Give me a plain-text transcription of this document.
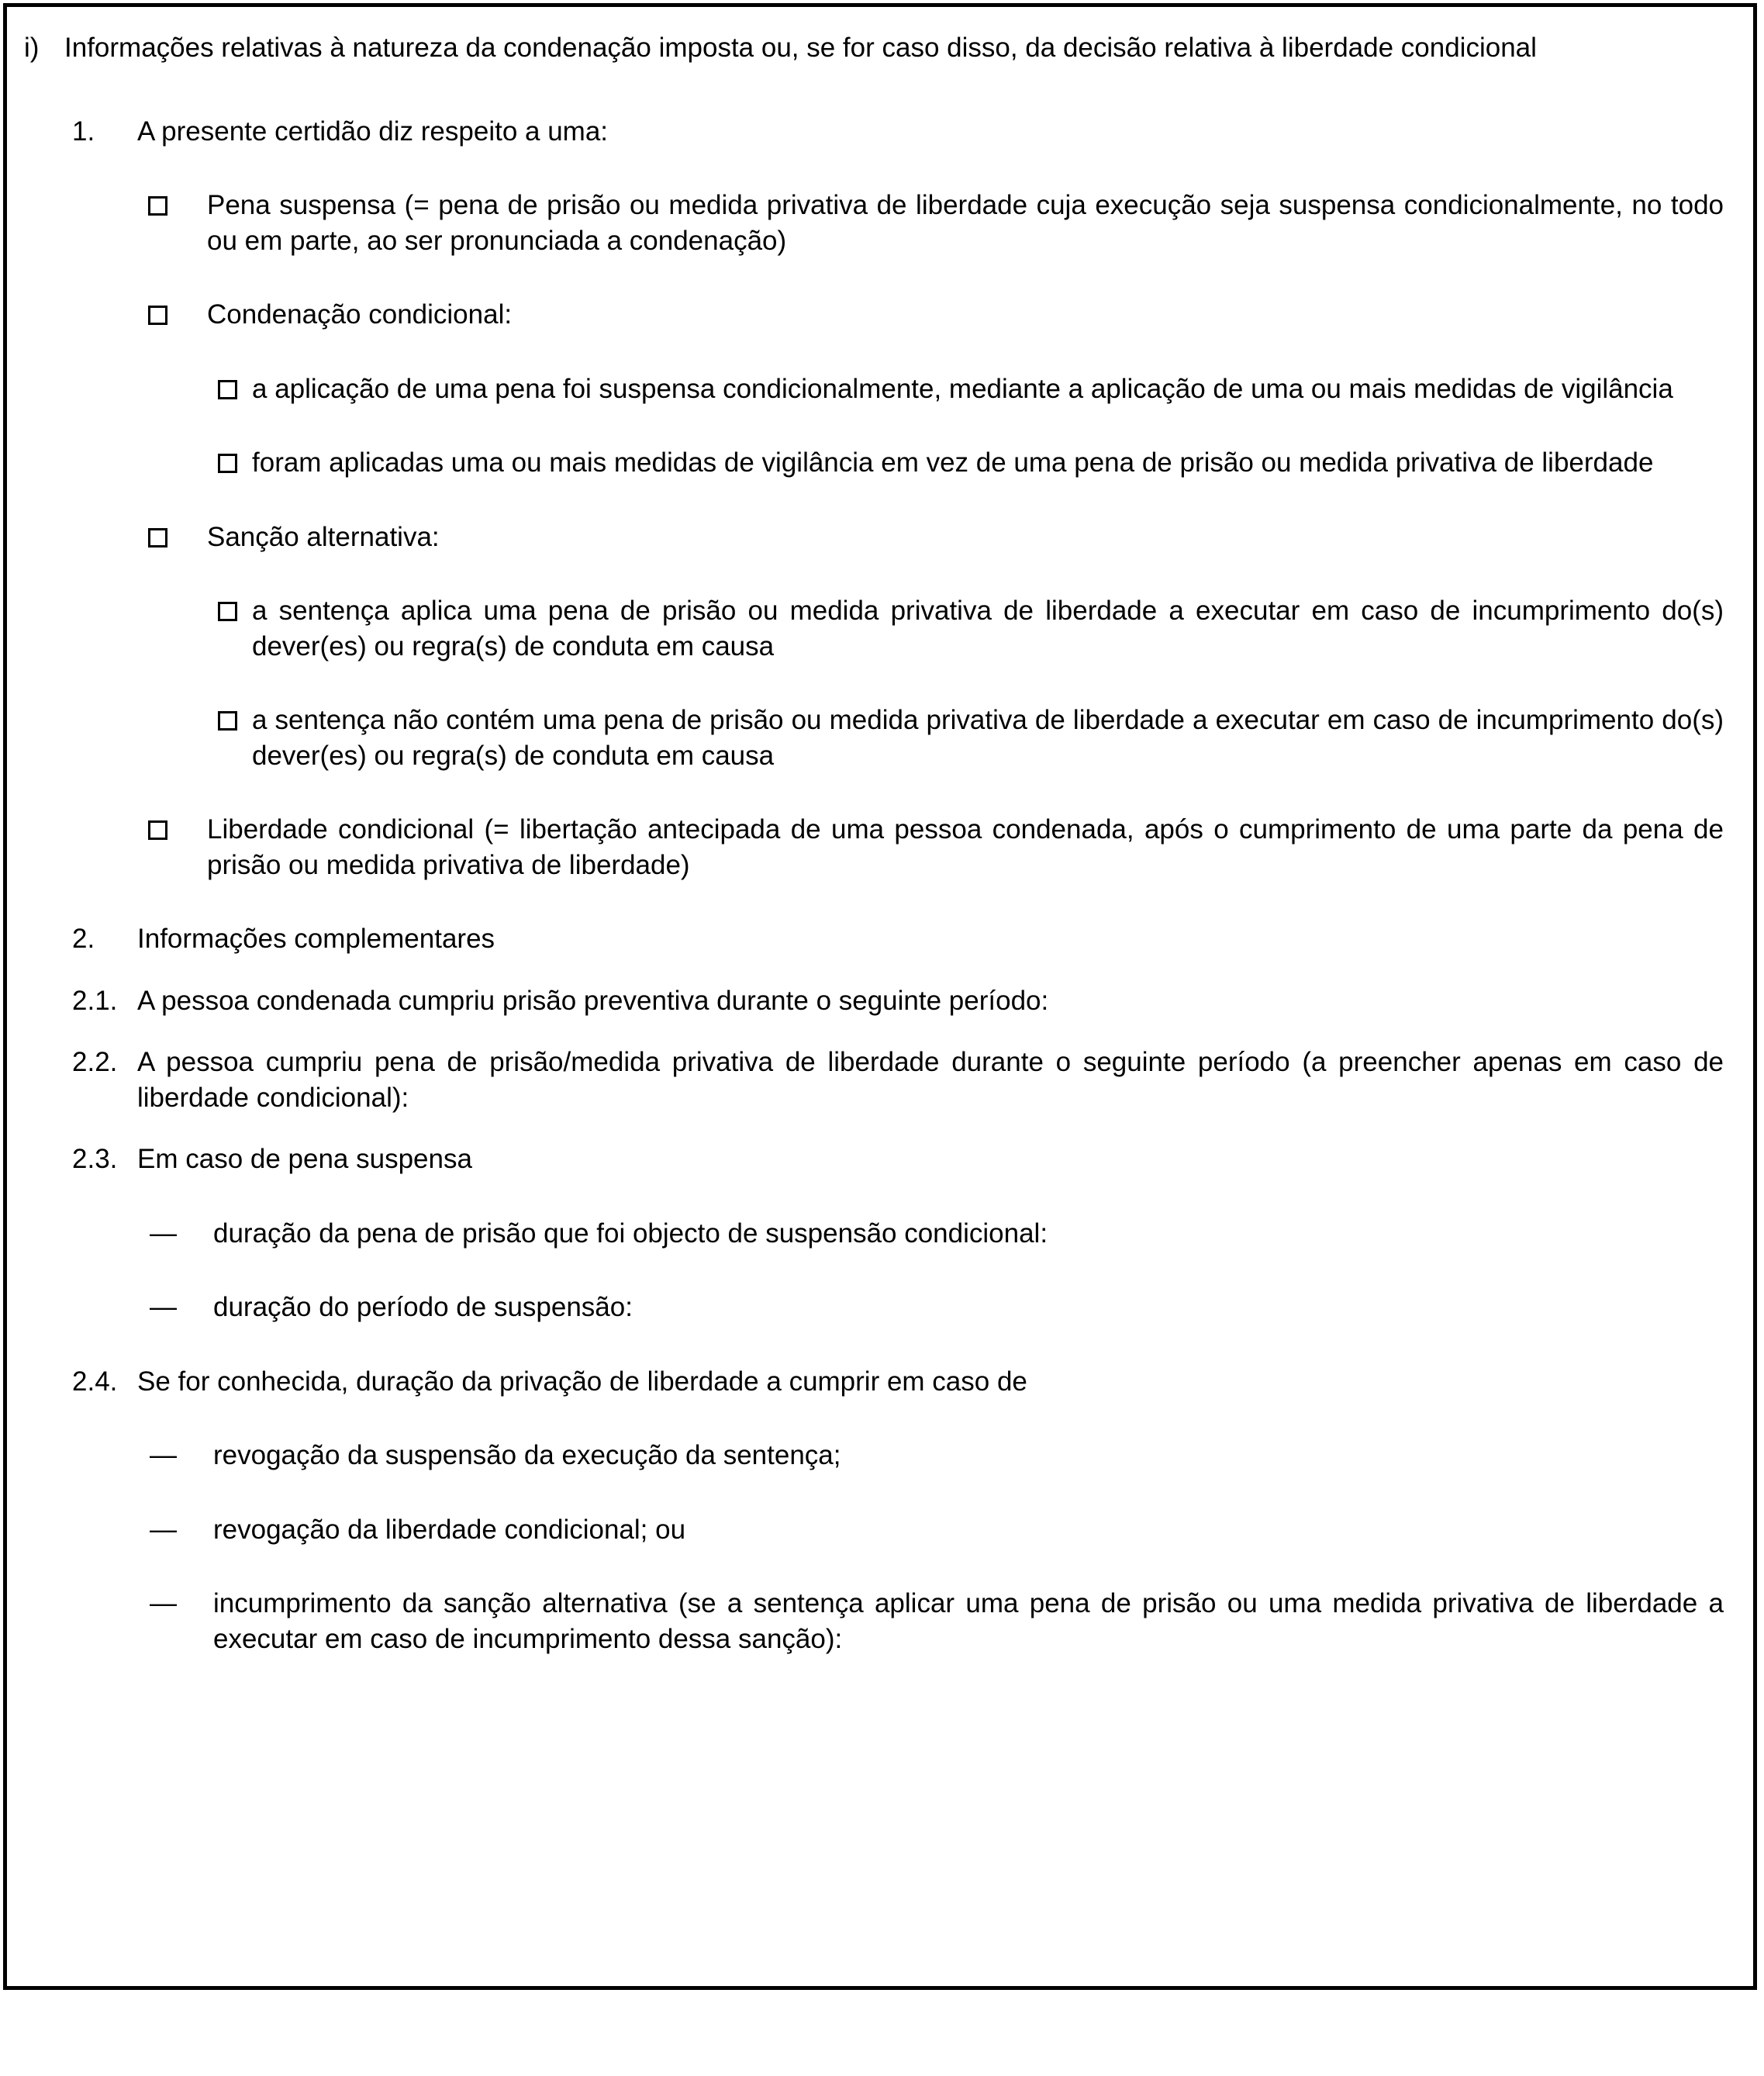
i) Informações relativas à natureza da condenação imposta ou, se for caso disso, da decisão relativa à liberdade condicional
1.	A presente certidão diz respeito a uma:
Pena suspensa (= pena de prisão ou medida privativa de liberdade cuja execução seja suspensa condicionalmente, no todo ou em parte, ao ser pronunciada a condenação)
Condenação condicional:
a aplicação de uma pena foi suspensa condicionalmente, mediante a aplicação de uma ou mais medidas de vigilância
foram aplicadas uma ou mais medidas de vigilância em vez de uma pena de prisão ou medida privativa de liberdade
Sanção alternativa:
a sentença aplica uma pena de prisão ou medida privativa de liberdade a executar em caso de incumprimento do(s) dever(es) ou regra(s) de conduta em causa
a sentença não contém uma pena de prisão ou medida privativa de liberdade a executar em caso de incumprimento do(s) dever(es) ou regra(s) de conduta em causa
Liberdade condicional (= libertação antecipada de uma pessoa condenada, após o cumprimento de uma parte da pena de prisão ou medida privativa de liberdade)
2.	Informações complementares
2.1. A pessoa condenada cumpriu prisão preventiva durante o seguinte período:
2.2. A pessoa cumpriu pena de prisão/medida privativa de liberdade durante o seguinte período (a preencher apenas em caso de liberdade condicional):
2.3. Em caso de pena suspensa
—	duração da pena de prisão que foi objecto de suspensão condicional:
—	duração do período de suspensão:
2.4. Se for conhecida, duração da privação de liberdade a cumprir em caso de
—	revogação da suspensão da execução da sentença;
—	revogação da liberdade condicional; ou
—	incumprimento da sanção alternativa (se a sentença aplicar uma pena de prisão ou uma medida privativa de liberdade a executar em caso de incumprimento dessa sanção):
